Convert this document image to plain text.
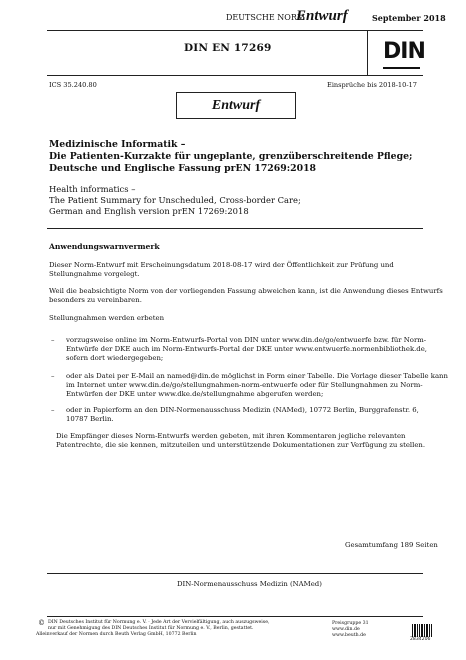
DEUTSCHE NORM
Entwurf	September 2018
DIN EN 17269	DIN
ICS 35.240.80	Einsprüche bis 2018-10-17
Entwurf
Medizinische Informatik –
Die Patienten-Kurzakte für ungeplante, grenzüberschreitende Pflege;
Deutsche und Englische Fassung prEN 17269:2018
Health informatics –
The Patient Summary for Unscheduled, Cross-border Care;
German and English version prEN 17269:2018
Anwendungswarnvermerk
Dieser Norm-Entwurf mit Erscheinungsdatum 2018-08-17 wird der Öffentlichkeit zur Prüfung und
Stellungnahme vorgelegt.
Weil die beabsichtigte Norm von der vorliegenden Fassung abweichen kann, ist die Anwendung dieses Entwurfs
besonders zu vereinbaren.
Stellungnahmen werden erbeten
– vorzugsweise online im Norm-Entwurfs-Portal von DIN unter www.din.de/go/entwuerfe bzw. für Norm-
Entwürfe der DKE auch im Norm-Entwurfs-Portal der DKE unter www.entwuerfe.normenbibliothek.de,
sofern dort wiedergegeben;
– oder als Datei per E-Mail an named@din.de möglichst in Form einer Tabelle. Die Vorlage dieser Tabelle kann
im Internet unter www.din.de/go/stellungnahmen-norm-entwuerfe oder für Stellungnahmen zu Norm-
Entwürfen der DKE unter www.dke.de/stellungnahme abgerufen werden;
– oder in Papierform an den DIN-Normenausschuss Medizin (NAMed), 10772 Berlin, Burggrafenstr. 6,
10787 Berlin.
Die Empfänger dieses Norm-Entwurfs werden gebeten, mit ihren Kommentaren jegliche relevanten
Patentrechte, die sie kennen, mitzuteilen und unterstützende Dokumentationen zur Verfügung zu stellen.
Gesamtumfang 189 Seiten
DIN-Normenausschuss Medizin (NAMed)
© DIN Deutsches Institut für Normung e. V. · Jede Art der Vervielfältigung, auch auszugsweise,
nur mit Genehmigung des DIN Deutsches Institut für Normung e. V., Berlin, gestattet.
Alleinverkauf der Normen durch Beuth Verlag GmbH, 10772 Berlin
Preisgruppe 31
www.din.de
www.beuth.de
2834206
